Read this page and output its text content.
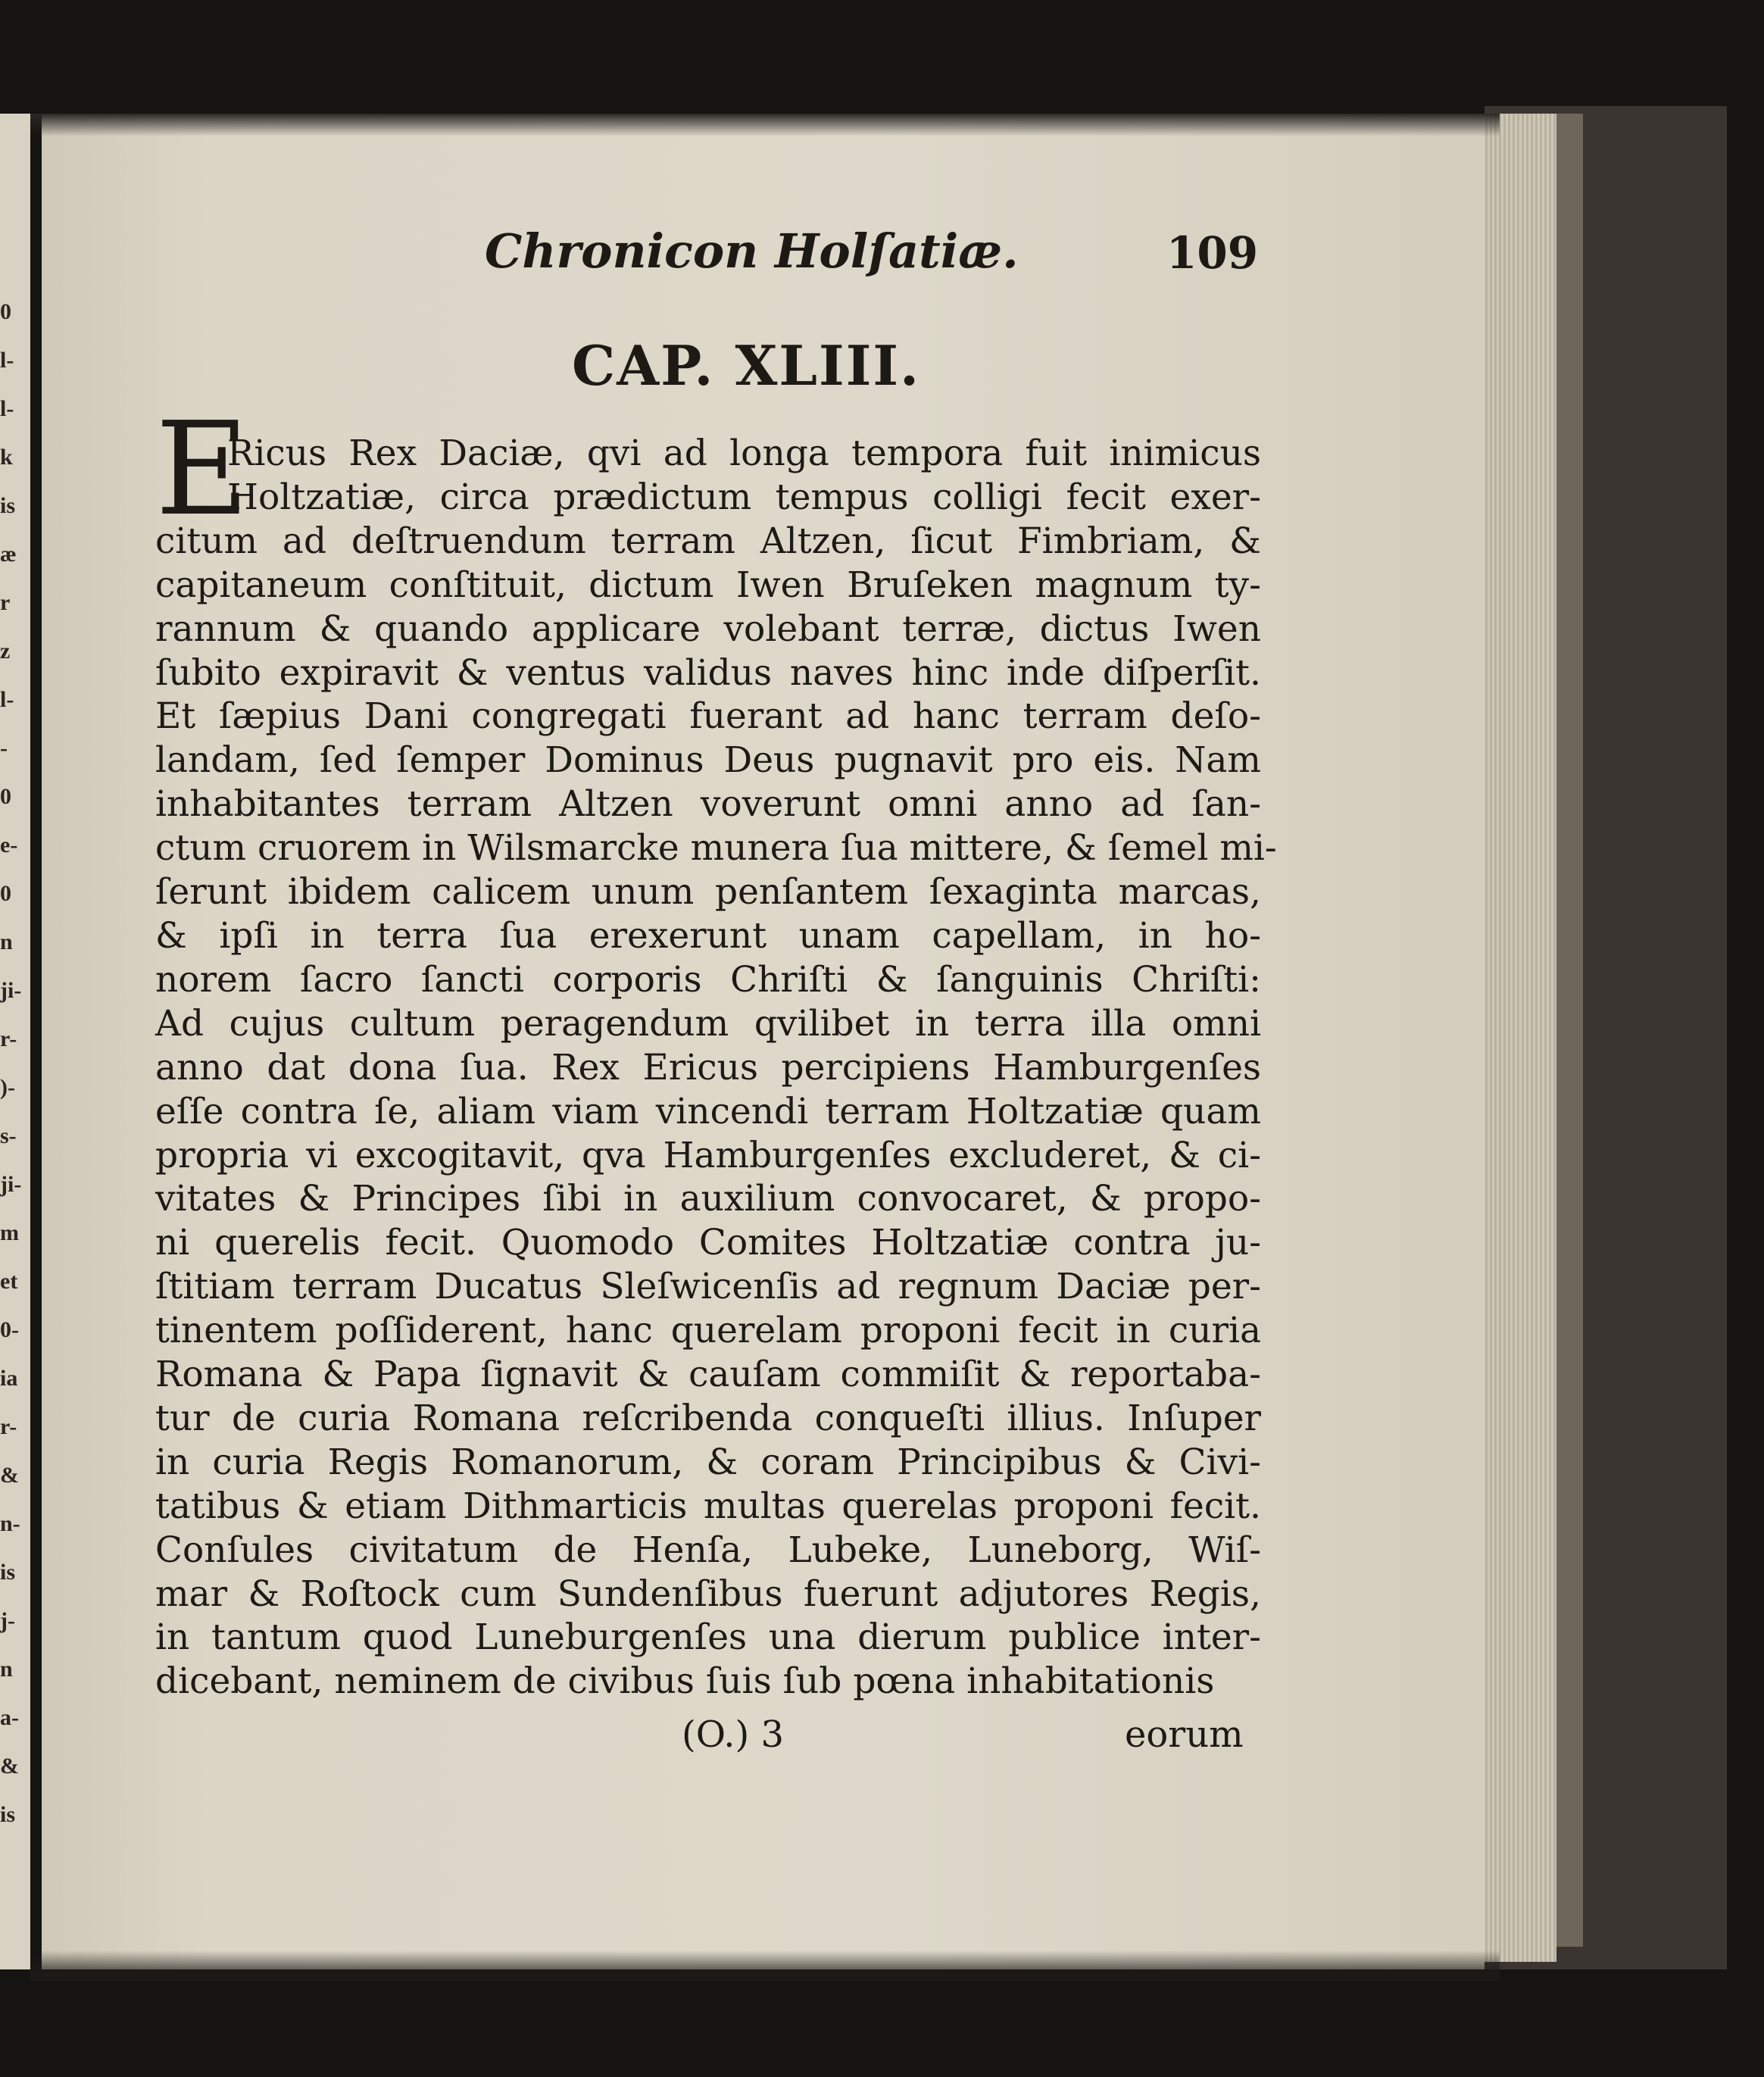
0
l-
l-
k
is
æ
r
z
l-
-
0
e-
0
n
ji-
r-
)-
s-
ji-
m
et
0-
ia
r-
&
n-
is
j-
n
a-
&
is
Chronicon Holſatiæ.	109
CAP. XLIII.
E
Ricus Rex Daciæ, qvi ad longa tempora fuit inimicus
Holtzatiæ, circa prædictum tempus colligi fecit exer-
citum ad deſtruendum terram Altzen, ſicut Fimbriam, &
capitaneum conſtituit, dictum Iwen Bruſeken magnum ty-
rannum & quando applicare volebant terræ, dictus Iwen
ſubito expiravit & ventus validus naves hinc inde diſperſit.
Et ſæpius Dani congregati fuerant ad hanc terram deſo-
landam, ſed ſemper Dominus Deus pugnavit pro eis. Nam
inhabitantes terram Altzen voverunt omni anno ad ſan-
ctum cruorem in Wilsmarcke munera ſua mittere, & ſemel mi-
ſerunt ibidem calicem unum penſantem ſexaginta marcas,
& ipſi in terra ſua erexerunt unam capellam, in ho-
norem ſacro ſancti corporis Chriſti & ſanguinis Chriſti:
Ad cujus cultum peragendum qvilibet in terra illa omni
anno dat dona ſua. Rex Ericus percipiens Hamburgenſes
eſſe contra ſe, aliam viam vincendi terram Holtzatiæ quam
propria vi excogitavit, qva Hamburgenſes excluderet, & ci-
vitates & Principes ſibi in auxilium convocaret, & propo-
ni querelis fecit. Quomodo Comites Holtzatiæ contra ju-
ſtitiam terram Ducatus Sleſwicenſis ad regnum Daciæ per-
tinentem poſſiderent, hanc querelam proponi fecit in curia
Romana & Papa ſignavit & cauſam commiſit & reportaba-
tur de curia Romana reſcribenda conqueſti illius. Inſuper
in curia Regis Romanorum, & coram Principibus & Civi-
tatibus & etiam Dithmarticis multas querelas proponi fecit.
Conſules civitatum de Henſa, Lubeke, Luneborg, Wiſ-
mar & Roſtock cum Sundenſibus fuerunt adjutores Regis,
in tantum quod Luneburgenſes una dierum publice inter-
dicebant, neminem de civibus ſuis ſub pœna inhabitationis
(O.) 3	eorum
